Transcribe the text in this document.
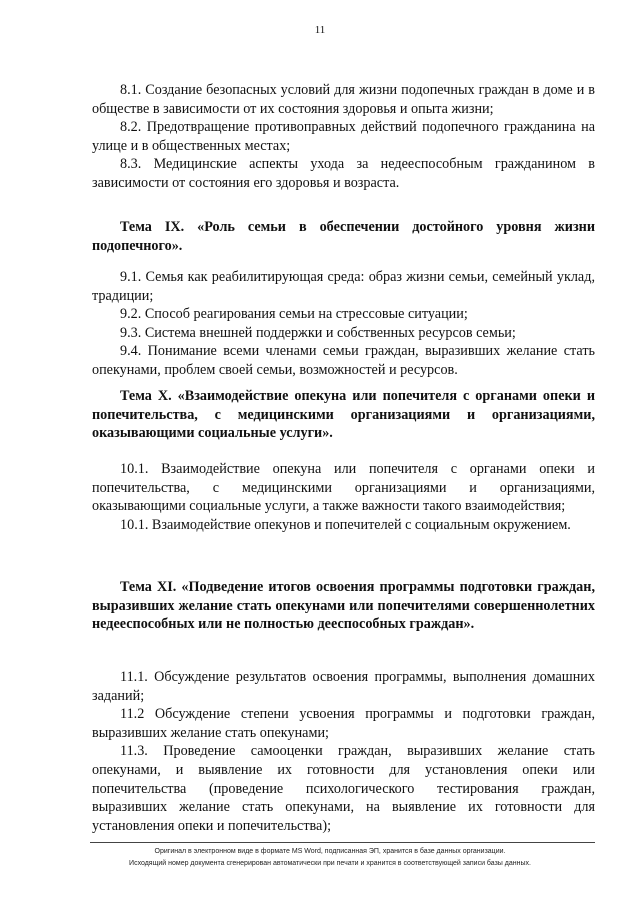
11

8.1. Создание безопасных условий для жизни подопечных граждан в доме и в обществе в зависимости от их состояния здоровья и опыта жизни;

8.2. Предотвращение противоправных действий подопечного гражданина на улице и в общественных местах;

8.3. Медицинские аспекты ухода за недееспособным гражданином в зависимости от состояния его здоровья и возраста.

Тема IX. «Роль семьи в обеспечении достойного уровня жизни подопечного».

9.1. Семья как реабилитирующая среда: образ жизни семьи, семейный уклад, традиции;

9.2. Способ реагирования семьи на стрессовые ситуации;

9.3. Система внешней поддержки и собственных ресурсов семьи;

9.4. Понимание всеми членами семьи граждан, выразивших желание стать опекунами, проблем своей семьи, возможностей и ресурсов.

Тема X. «Взаимодействие опекуна или попечителя с органами опеки и попечительства, с медицинскими организациями и организациями, оказывающими социальные услуги».

10.1. Взаимодействие опекуна или попечителя с органами опеки и попечительства, с медицинскими организациями и организациями, оказывающими социальные услуги, а также важности такого взаимодействия;

10.1. Взаимодействие опекунов и попечителей с социальным окружением.

Тема XI. «Подведение итогов освоения программы подготовки граждан, выразивших желание стать опекунами или попечителями совершеннолетних недееспособных или не полностью дееспособных граждан».

11.1. Обсуждение результатов освоения программы, выполнения домашних заданий;

11.2 Обсуждение степени усвоения программы и подготовки граждан, выразивших желание стать опекунами;

11.3. Проведение самооценки граждан, выразивших желание стать опекунами, и выявление их готовности для установления опеки или попечительства (проведение психологического тестирования граждан, выразивших желание стать опекунами, на выявление их готовности для установления опеки и попечительства);

Оригинал в электронном виде в формате MS Word, подписанная ЭП, хранится в базе данных организации.
Исходящий номер документа сгенерирован автоматически при печати и хранится в соответствующей записи базы данных.
